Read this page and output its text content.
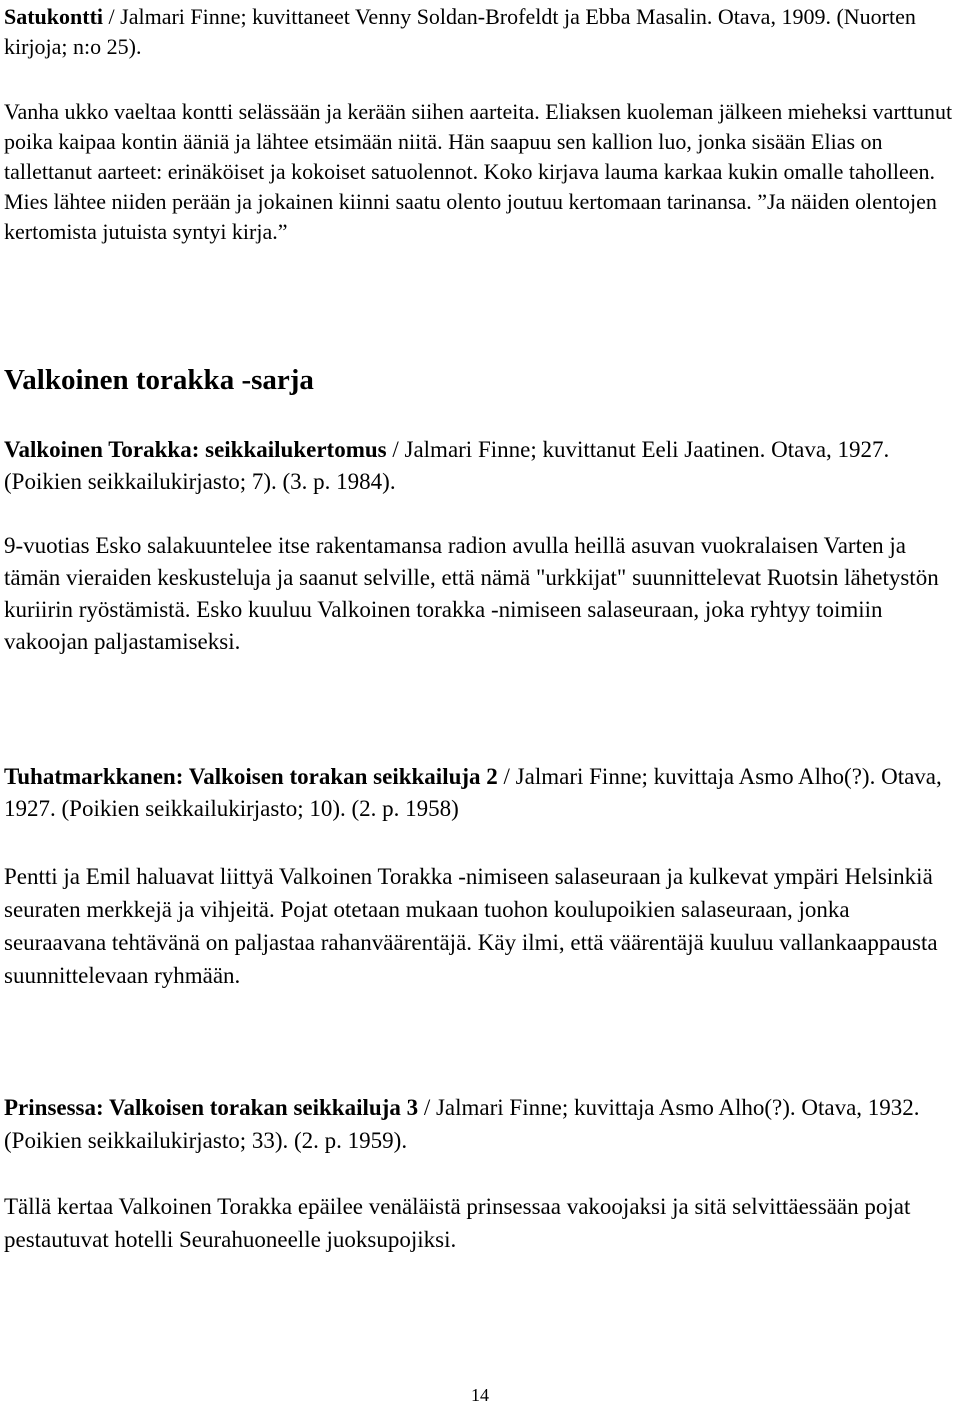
Satukontti / Jalmari Finne; kuvittaneet Venny Soldan-Brofeldt ja Ebba Masalin. Otava, 1909. (Nuorten kirjoja; n:o 25).

Vanha ukko vaeltaa kontti selässään ja kerään siihen aarteita. Eliaksen kuoleman jälkeen mieheksi varttunut poika kaipaa kontin ääniä ja lähtee etsimään niitä. Hän saapuu sen kallion luo, jonka sisään Elias on tallettanut aarteet: erinäköiset ja kokoiset satuolennot. Koko kirjava lauma karkaa kukin omalle taholleen. Mies lähtee niiden perään ja jokainen kiinni saatu olento joutuu kertomaan tarinansa. ”Ja näiden olentojen kertomista jutuista syntyi kirja.”

Valkoinen torakka -sarja

Valkoinen Torakka: seikkailukertomus / Jalmari Finne; kuvittanut Eeli Jaatinen. Otava, 1927. (Poikien seikkailukirjasto; 7). (3. p. 1984).

9-vuotias Esko salakuuntelee itse rakentamansa radion avulla heillä asuvan vuokralaisen Varten ja tämän vieraiden keskusteluja ja saanut selville, että nämä "urkkijat" suunnittelevat Ruotsin lähetystön kuriirin ryöstämistä. Esko kuuluu Valkoinen torakka -nimiseen salaseuraan, joka ryhtyy toimiin vakoojan paljastamiseksi.

Tuhatmarkkanen: Valkoisen torakan seikkailuja 2 / Jalmari Finne; kuvittaja Asmo Alho(?). Otava, 1927. (Poikien seikkailukirjasto; 10). (2. p. 1958)

Pentti ja Emil haluavat liittyä Valkoinen Torakka -nimiseen salaseuraan ja kulkevat ympäri Helsinkiä seuraten merkkejä ja vihjeitä. Pojat otetaan mukaan tuohon koulupoikien salaseuraan, jonka seuraavana tehtävänä on paljastaa rahanväärentäjä. Käy ilmi, että väärentäjä kuuluu vallankaappausta suunnittelevaan ryhmään.

Prinsessa: Valkoisen torakan seikkailuja 3 / Jalmari Finne; kuvittaja Asmo Alho(?). Otava, 1932. (Poikien seikkailukirjasto; 33). (2. p. 1959).

Tällä kertaa Valkoinen Torakka epäilee venäläistä prinsessaa vakoojaksi ja sitä selvittäessään pojat pestautuvat hotelli Seurahuoneelle juoksupojiksi.

14
